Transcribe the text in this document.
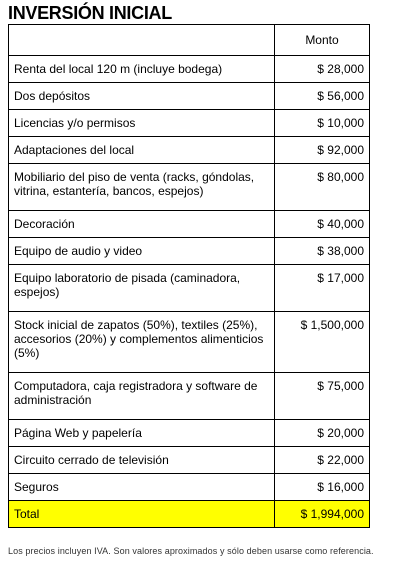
INVERSIÓN INICIAL
	Monto
Renta del local 120 m (incluye bodega)	$ 28,000
Dos depósitos	$ 56,000
Licencias y/o permisos	$ 10,000
Adaptaciones del local	$ 92,000
Mobiliario del piso de venta (racks, góndolas, vitrina, estantería, bancos, espejos)	$ 80,000
Decoración	$ 40,000
Equipo de audio y video	$ 38,000
Equipo laboratorio de pisada (caminadora, espejos)	$ 17,000
Stock inicial de zapatos (50%), textiles (25%), accesorios (20%) y complementos alimenticios (5%)	$ 1,500,000
Computadora, caja registradora y software de administración	$ 75,000
Página Web y papelería	$ 20,000
Circuito cerrado de televisión	$ 22,000
Seguros	$ 16,000
Total	$ 1,994,000
Los precios incluyen IVA. Son valores aproximados y sólo deben usarse como referencia.
